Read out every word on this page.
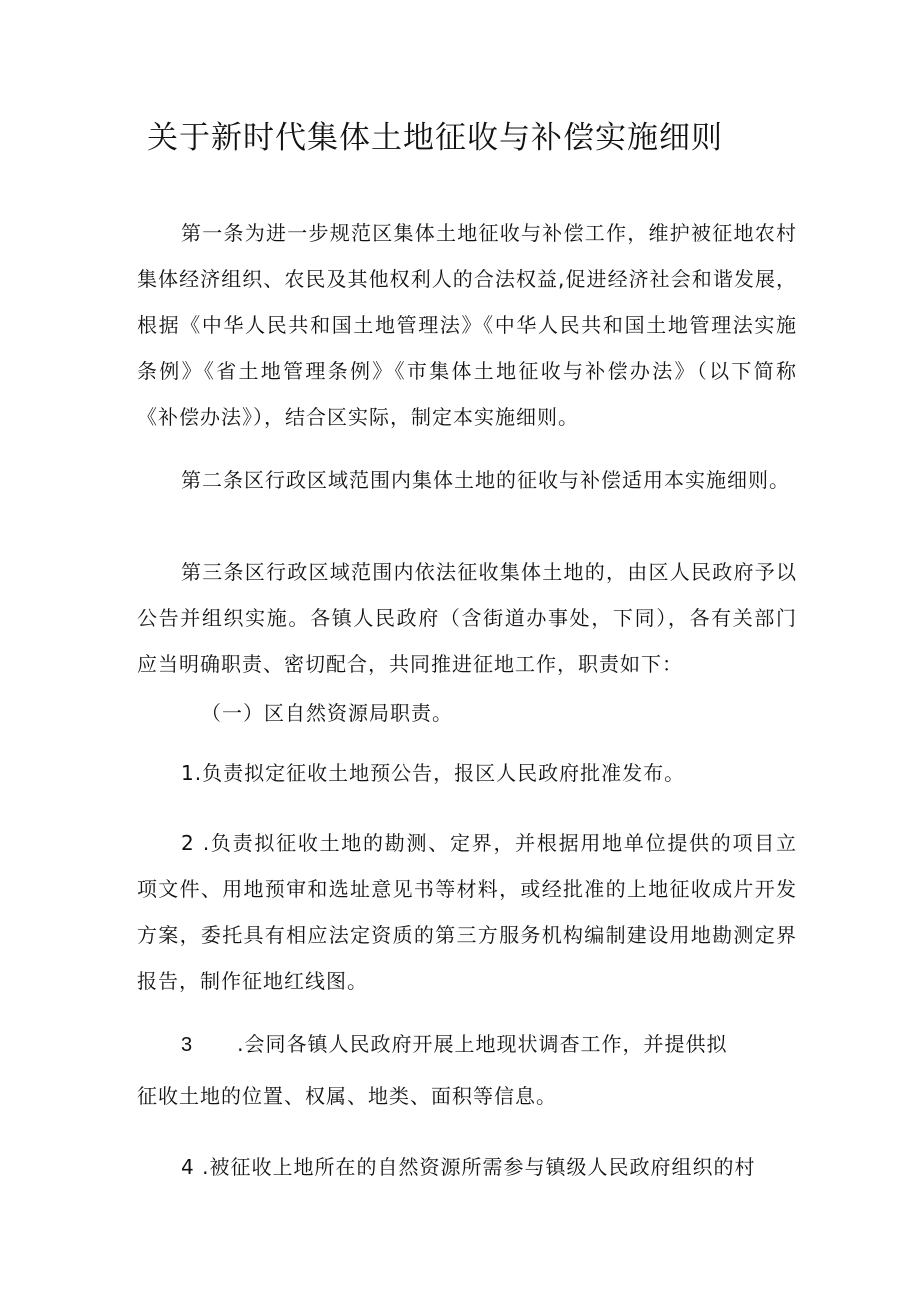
关于新时代集体土地征收与补偿实施细则

第一条为进一步规范区集体土地征收与补偿工作，维护被征地农村集体经济组织、农民及其他权利人的合法权益,促进经济社会和谐发展，根据《中华人民共和国土地管理法》《中华人民共和国土地管理法实施条例》《省土地管理条例》《市集体土地征收与补偿办法》（以下简称《补偿办法》），结合区实际，制定本实施细则。

第二条区行政区域范围内集体土地的征收与补偿适用本实施细则。

第三条区行政区域范围内依法征收集体土地的，由区人民政府予以公告并组织实施。各镇人民政府（含街道办事处，下同），各有关部门应当明确职责、密切配合，共同推进征地工作，职责如下：

（一）区自然资源局职责。

1.负责拟定征收土地预公告，报区人民政府批准发布。

2 .负责拟征收土地的勘测、定界，并根据用地单位提供的项目立项文件、用地预审和选址意见书等材料，或经批准的上地征收成片开发方案，委托具有相应法定资质的第三方服务机构编制建设用地勘测定界报告，制作征地红线图。

3 .会同各镇人民政府开展上地现状调杳工作，并提供拟

征收土地的位置、权属、地类、面积等信息。

4 .被征收上地所在的自然资源所需参与镇级人民政府组织的村
